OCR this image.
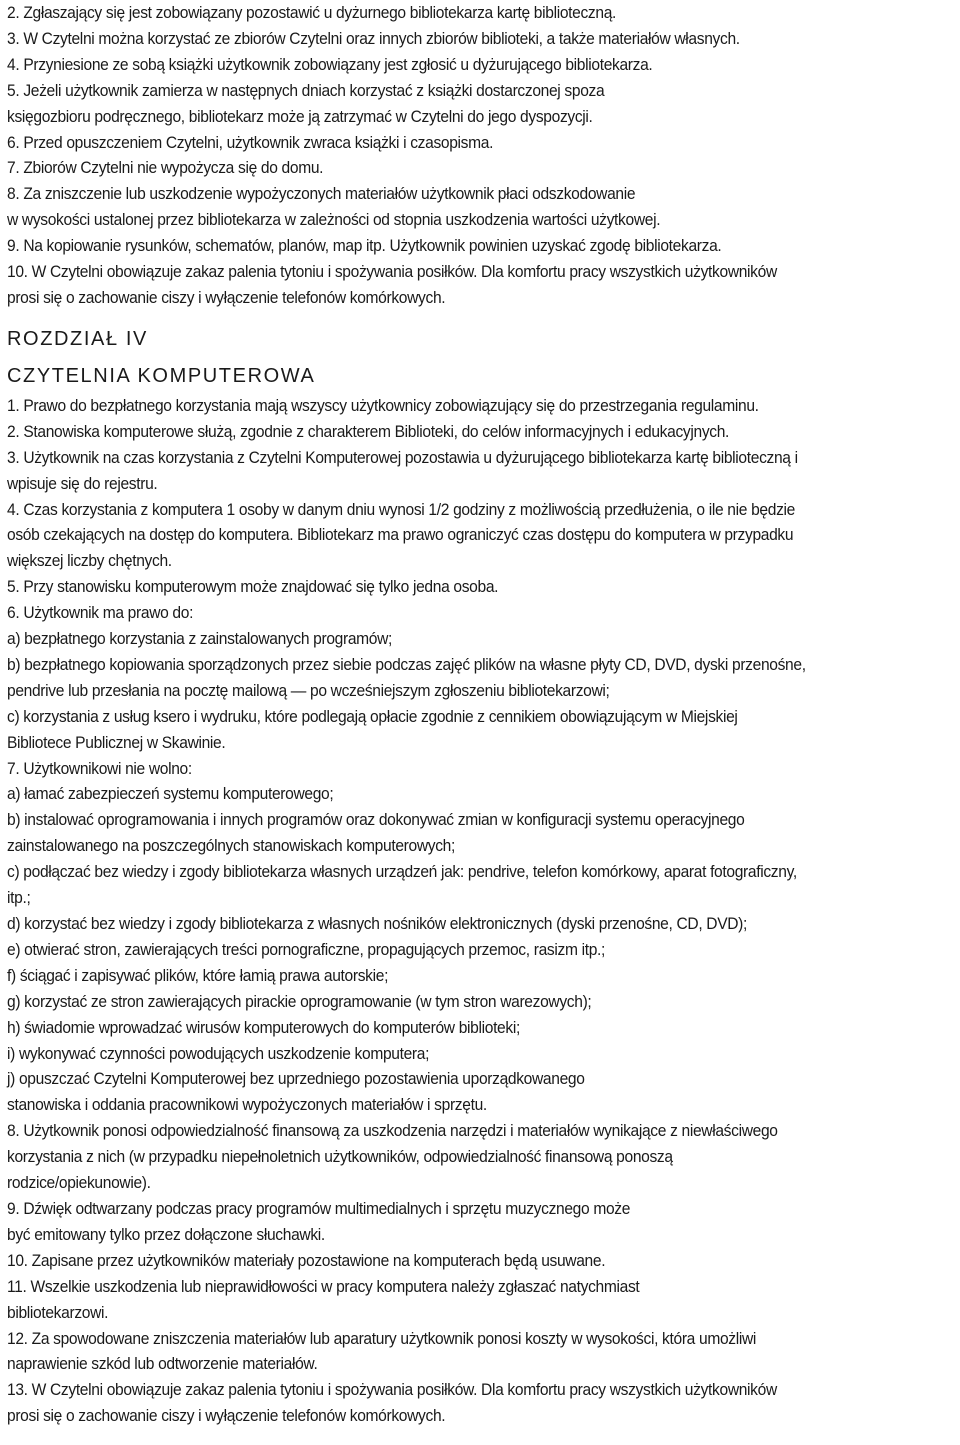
2. Zgłaszający się jest zobowiązany pozostawić u dyżurnego bibliotekarza kartę biblioteczną.
3. W Czytelni można korzystać ze zbiorów Czytelni oraz innych zbiorów biblioteki, a także materiałów własnych.
4. Przyniesione ze sobą książki użytkownik zobowiązany jest zgłosić u dyżurującego bibliotekarza.
5. Jeżeli użytkownik zamierza w następnych dniach korzystać z książki dostarczonej spoza
księgozbioru podręcznego, bibliotekarz może ją zatrzymać w Czytelni do jego dyspozycji.
6. Przed opuszczeniem Czytelni, użytkownik zwraca książki i czasopisma.
7. Zbiorów Czytelni nie wypożycza się do domu.
8. Za zniszczenie lub uszkodzenie wypożyczonych materiałów użytkownik płaci odszkodowanie
w wysokości ustalonej przez bibliotekarza w zależności od stopnia uszkodzenia wartości użytkowej.
9. Na kopiowanie rysunków, schematów, planów, map itp. Użytkownik powinien uzyskać zgodę bibliotekarza.
10. W Czytelni obowiązuje zakaz palenia tytoniu i spożywania posiłków. Dla komfortu pracy wszystkich użytkowników
prosi się o zachowanie ciszy i wyłączenie telefonów komórkowych.
ROZDZIAŁ IV
CZYTELNIA KOMPUTEROWA
1. Prawo do bezpłatnego korzystania mają wszyscy użytkownicy zobowiązujący się do przestrzegania regulaminu.
2. Stanowiska komputerowe służą, zgodnie z charakterem Biblioteki, do celów informacyjnych i edukacyjnych.
3. Użytkownik na czas korzystania z Czytelni Komputerowej pozostawia u dyżurującego bibliotekarza kartę biblioteczną i
wpisuje się do rejestru.
4. Czas korzystania z komputera 1 osoby w danym dniu wynosi 1/2 godziny z możliwością przedłużenia, o ile nie będzie
osób czekających na dostęp do komputera. Bibliotekarz ma prawo ograniczyć czas dostępu do komputera w przypadku
większej liczby chętnych.
5. Przy stanowisku komputerowym może znajdować się tylko jedna osoba.
6. Użytkownik ma prawo do:
a) bezpłatnego korzystania z zainstalowanych programów;
b) bezpłatnego kopiowania sporządzonych przez siebie podczas zajęć plików na własne płyty CD, DVD, dyski przenośne,
pendrive lub przesłania na pocztę mailową — po wcześniejszym zgłoszeniu bibliotekarzowi;
c) korzystania z usług ksero i wydruku, które podlegają opłacie zgodnie z cennikiem obowiązującym w Miejskiej
Bibliotece Publicznej w Skawinie.
7. Użytkownikowi nie wolno:
a) łamać zabezpieczeń systemu komputerowego;
b) instalować oprogramowania i innych programów oraz dokonywać zmian w konfiguracji systemu operacyjnego
zainstalowanego na poszczególnych stanowiskach komputerowych;
c) podłączać bez wiedzy i zgody bibliotekarza własnych urządzeń jak: pendrive, telefon komórkowy, aparat fotograficzny,
itp.;
d) korzystać bez wiedzy i zgody bibliotekarza z własnych nośników elektronicznych (dyski przenośne, CD, DVD);
e) otwierać stron, zawierających treści pornograficzne, propagujących przemoc, rasizm itp.;
f) ściągać i zapisywać plików, które łamią prawa autorskie;
g) korzystać ze stron zawierających pirackie oprogramowanie (w tym stron warezowych);
h) świadomie wprowadzać wirusów komputerowych do komputerów biblioteki;
i) wykonywać czynności powodujących uszkodzenie komputera;
j) opuszczać Czytelni Komputerowej bez uprzedniego pozostawienia uporządkowanego
stanowiska i oddania pracownikowi wypożyczonych materiałów i sprzętu.
8. Użytkownik ponosi odpowiedzialność finansową za uszkodzenia narzędzi i materiałów wynikające z niewłaściwego
korzystania z nich (w przypadku niepełnoletnich użytkowników, odpowiedzialność finansową ponoszą
rodzice/opiekunowie).
9. Dźwięk odtwarzany podczas pracy programów multimedialnych i sprzętu muzycznego może
być emitowany tylko przez dołączone słuchawki.
10. Zapisane przez użytkowników materiały pozostawione na komputerach będą usuwane.
11. Wszelkie uszkodzenia lub nieprawidłowości w pracy komputera należy zgłaszać natychmiast
bibliotekarzowi.
12. Za spowodowane zniszczenia materiałów lub aparatury użytkownik ponosi koszty w wysokości, która umożliwi
naprawienie szkód lub odtworzenie materiałów.
13. W Czytelni obowiązuje zakaz palenia tytoniu i spożywania posiłków. Dla komfortu pracy wszystkich użytkowników
prosi się o zachowanie ciszy i wyłączenie telefonów komórkowych.
